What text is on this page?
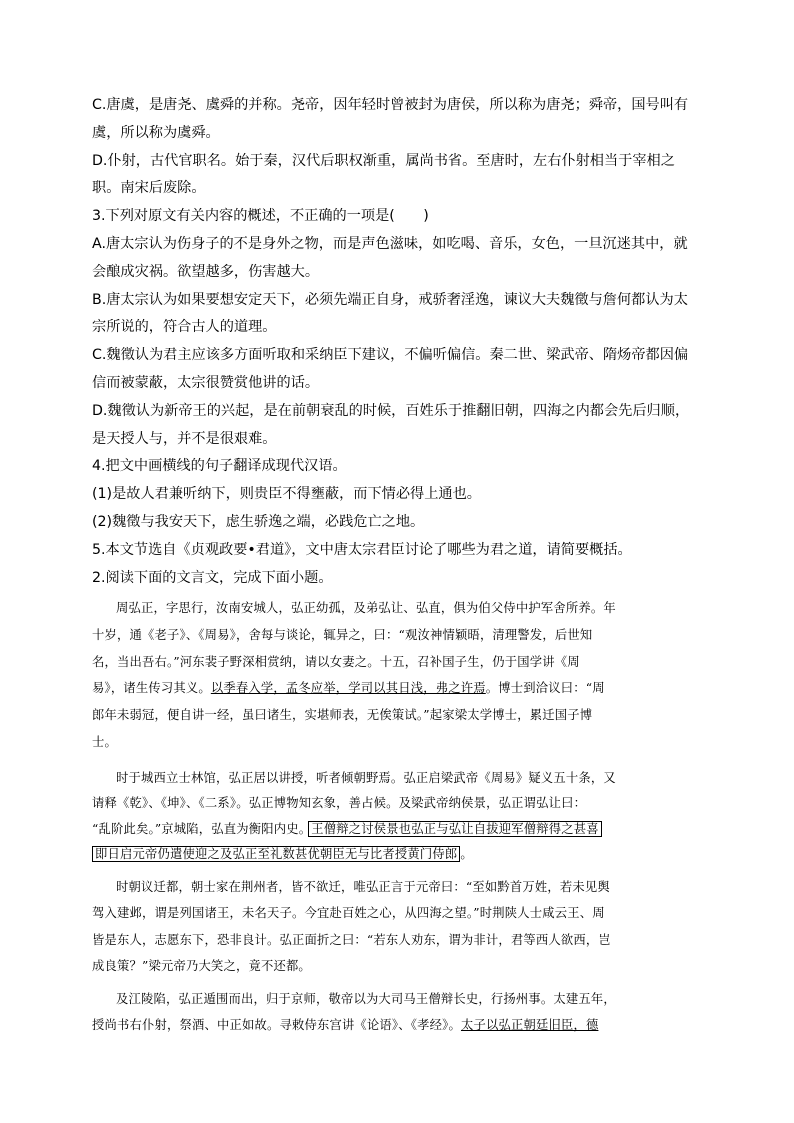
C.唐虞，是唐尧、虞舜的并称。尧帝，因年轻时曾被封为唐侯，所以称为唐尧；舜帝，国号叫有

虞，所以称为虞舜。

D.仆射，古代官职名。始于秦，汉代后职权渐重，属尚书省。至唐时，左右仆射相当于宰相之

职。南宋后废除。

3.下列对原文有关内容的概述，不正确的一项是(　　)

A.唐太宗认为伤身子的不是身外之物，而是声色滋味，如吃喝、音乐，女色，一旦沉迷其中，就

会酿成灾祸。欲望越多，伤害越大。

B.唐太宗认为如果要想安定天下，必须先端正自身，戒骄奢淫逸，谏议大夫魏徵与詹何都认为太

宗所说的，符合古人的道理。

C.魏徵认为君主应该多方面听取和采纳臣下建议，不偏听偏信。秦二世、梁武帝、隋炀帝都因偏

信而被蒙蔽，太宗很赞赏他讲的话。

D.魏徵认为新帝王的兴起，是在前朝衰乱的时候，百姓乐于推翻旧朝，四海之内都会先后归顺，

是天授人与，并不是很艰难。

4.把文中画横线的句子翻译成现代汉语。

(1)是故人君兼听纳下，则贵臣不得壅蔽，而下情必得上通也。

(2)魏徵与我安天下，虑生骄逸之端，必践危亡之地。

5.本文节选自《贞观政要•君道》，文中唐太宗君臣讨论了哪些为君之道，请简要概括。

2.阅读下面的文言文，完成下面小题。

周弘正，字思行，汝南安城人，弘正幼孤，及弟弘让、弘直，俱为伯父侍中护军舍所养。年

十岁，通《老子》、《周易》，舍每与谈论，辄异之，曰：“观汝神情颖晤，清理警发，后世知

名，当出吾右。”河东裴子野深相赏纳，请以女妻之。十五，召补国子生，仍于国学讲《周

易》，诸生传习其义。以季春入学，孟冬应举，学司以其日浅，弗之许焉。博士到洽议曰：“周

郎年未弱冠，便自讲一经，虽曰诸生，实堪师表，无俟策试。”起家梁太学博士，累迁国子博

士。

时于城西立士林馆，弘正居以讲授，听者倾朝野焉。弘正启梁武帝《周易》疑义五十条，又

请释《乾》、《坤》、《二系》。弘正博物知玄象，善占候。及梁武帝纳侯景，弘正谓弘让曰：

“乱阶此矣。”京城陷，弘直为衡阳内史。王僧辩之讨侯景也弘正与弘让自拔迎军僧辩得之甚喜

即日启元帝仍遣使迎之及弘正至礼数甚优朝臣无与比者授黄门侍郎 。

时朝议迁都，朝士家在荆州者，皆不欲迁，唯弘正言于元帝曰：“至如黔首万姓，若未见舆

驾入建邺，谓是列国诸王，未名天子。今宜赴百姓之心，从四海之望。”时荆陕人士咸云王、周

皆是东人，志愿东下，恐非良计。弘正面折之曰：“若东人劝东，谓为非计，君等西人欲西，岂

成良策？”梁元帝乃大笑之，竟不还都。

及江陵陷，弘正遁围而出，归于京师，敬帝以为大司马王僧辩长史，行扬州事。太建五年，

授尚书右仆射，祭酒、中正如故。寻敕侍东宫讲《论语》、《孝经》。太子以弘正朝廷旧臣，德
